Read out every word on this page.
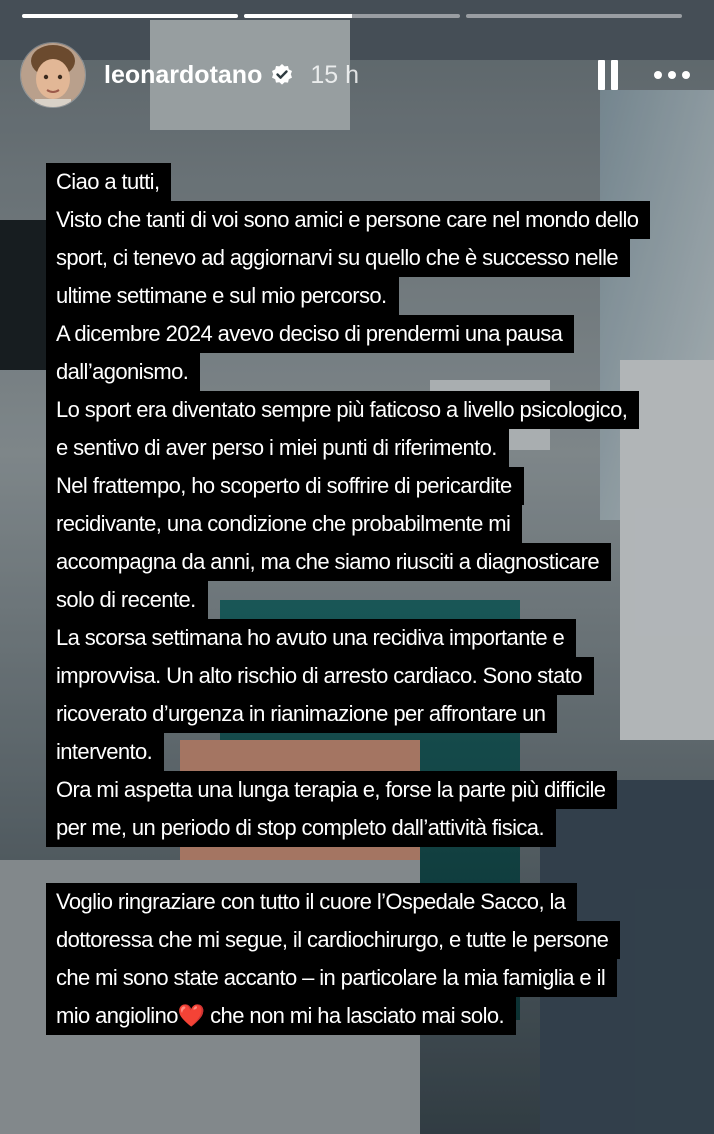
leonardotano 15 h
Ciao a tutti,
Visto che tanti di voi sono amici e persone care nel mondo dello
sport, ci tenevo ad aggiornarvi su quello che è successo nelle
ultime settimane e sul mio percorso.
A dicembre 2024 avevo deciso di prendermi una pausa
dall’agonismo.
Lo sport era diventato sempre più faticoso a livello psicologico,
e sentivo di aver perso i miei punti di riferimento.
Nel frattempo, ho scoperto di soffrire di pericardite
recidivante, una condizione che probabilmente mi
accompagna da anni, ma che siamo riusciti a diagnosticare
solo di recente.
La scorsa settimana ho avuto una recidiva importante e
improvvisa. Un alto rischio di arresto cardiaco. Sono stato
ricoverato d’urgenza in rianimazione per affrontare un
intervento.
Ora mi aspetta una lunga terapia e, forse la parte più difficile
per me, un periodo di stop completo dall’attività fisica.
Voglio ringraziare con tutto il cuore l’Ospedale Sacco, la
dottoressa che mi segue, il cardiochirurgo, e tutte le persone
che mi sono state accanto – in particolare la mia famiglia e il
mio angiolino❤️ che non mi ha lasciato mai solo.
